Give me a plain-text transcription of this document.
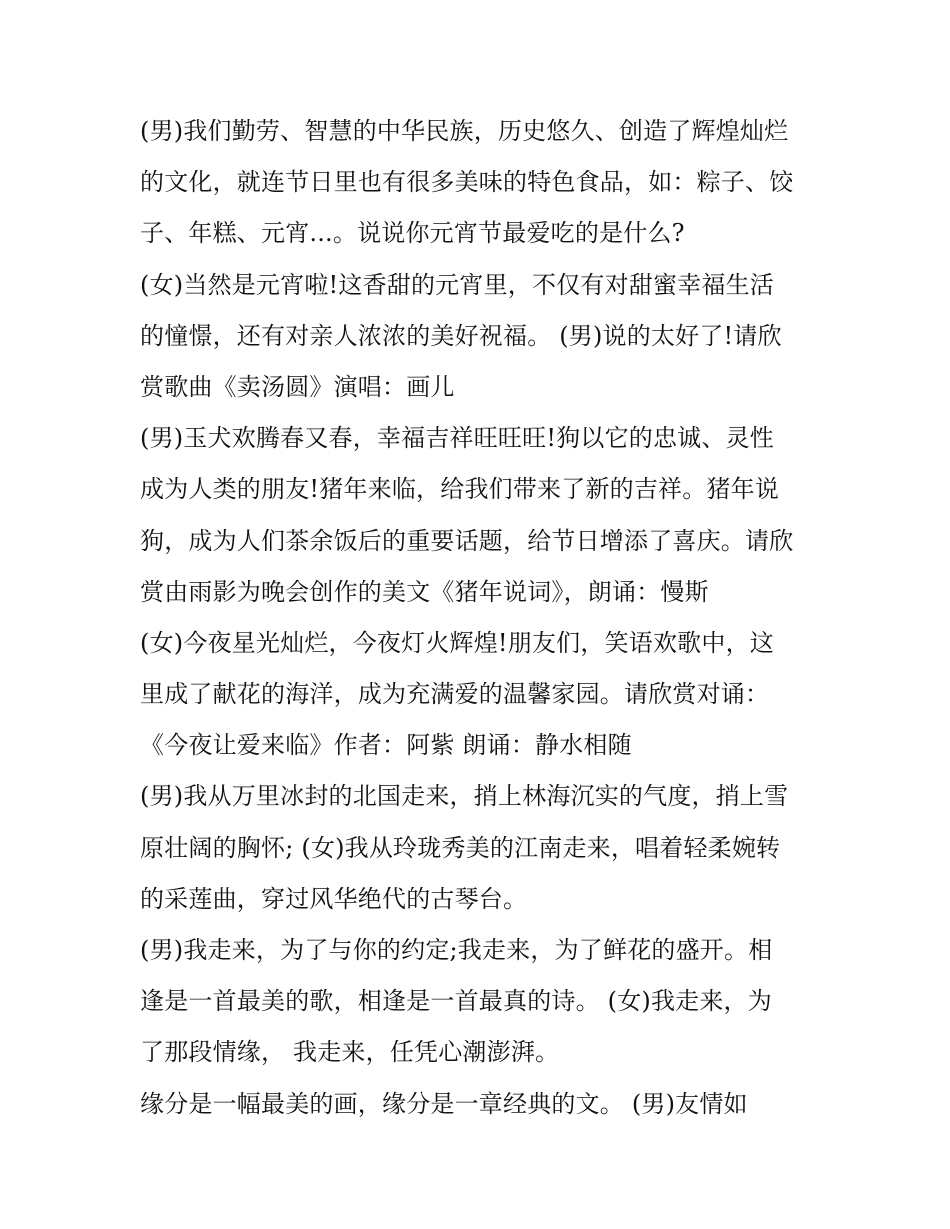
(男)我们勤劳、智慧的中华民族，历史悠久、创造了辉煌灿烂
的文化，就连节日里也有很多美味的特色食品，如：粽子、饺
子、年糕、元宵...。说说你元宵节最爱吃的是什么?
(女)当然是元宵啦!这香甜的元宵里，不仅有对甜蜜幸福生活
的憧憬，还有对亲人浓浓的美好祝福。 (男)说的太好了!请欣
赏歌曲《卖汤圆》演唱：画儿
(男)玉犬欢腾春又春，幸福吉祥旺旺旺!狗以它的忠诚、灵性
成为人类的朋友!猪年来临，给我们带来了新的吉祥。猪年说
狗，成为人们茶余饭后的重要话题，给节日增添了喜庆。请欣
赏由雨影为晚会创作的美文《猪年说词》，朗诵：慢斯
(女)今夜星光灿烂，今夜灯火辉煌!朋友们，笑语欢歌中，这
里成了献花的海洋，成为充满爱的温馨家园。请欣赏对诵：
《今夜让爱来临》作者：阿紫 朗诵：静水相随
(男)我从万里冰封的北国走来，捎上林海沉实的气度，捎上雪
原壮阔的胸怀; (女)我从玲珑秀美的江南走来，唱着轻柔婉转
的采莲曲，穿过风华绝代的古琴台。
(男)我走来，为了与你的约定;我走来，为了鲜花的盛开。相
逢是一首最美的歌，相逢是一首最真的诗。 (女)我走来，为
了那段情缘， 我走来，任凭心潮澎湃。
缘分是一幅最美的画，缘分是一章经典的文。 (男)友情如
